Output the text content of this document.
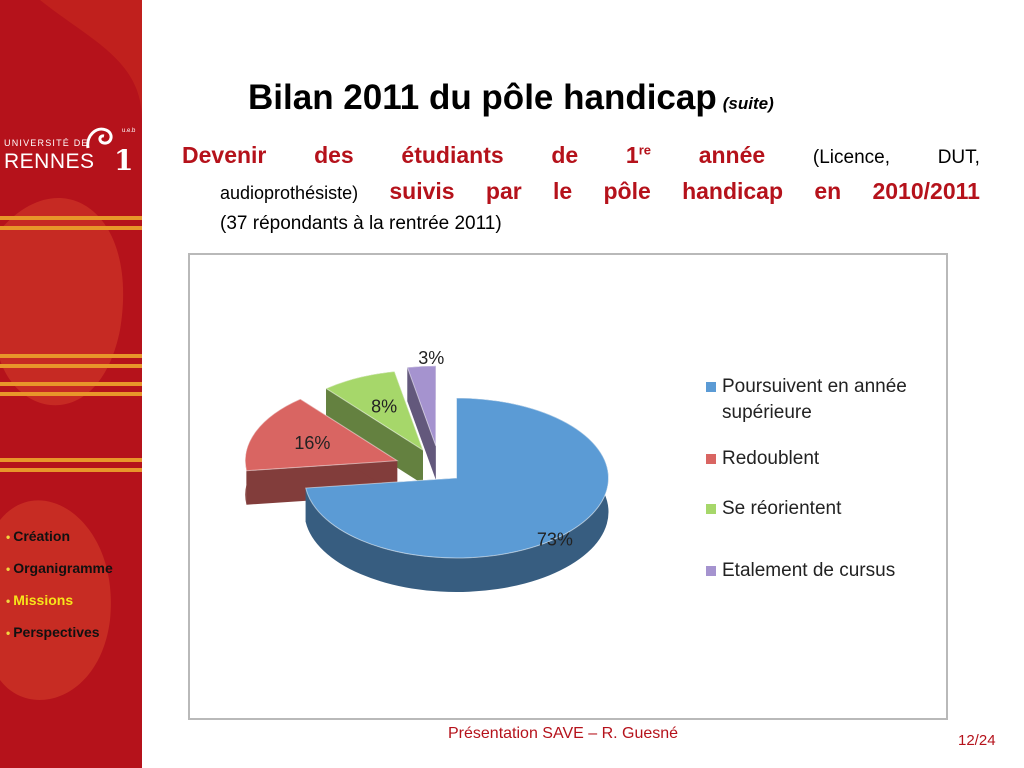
u.e.b
UNIVERSITÉ DE
RENNES 1
• Création
• Organigramme
• Missions
• Perspectives
Bilan 2011 du pôle handicap (suite)
Devenir des étudiants de 1re année	(Licence,	DUT,
audioprothésiste) suivis par le pôle handicap en 2010/2011
(37 répondants à la rentrée 2011)
73%
16%
8%
3%
Poursuivent en année supérieure
Redoublent
Se réorientent
Etalement de cursus
Présentation SAVE – R. Guesné	12/24
